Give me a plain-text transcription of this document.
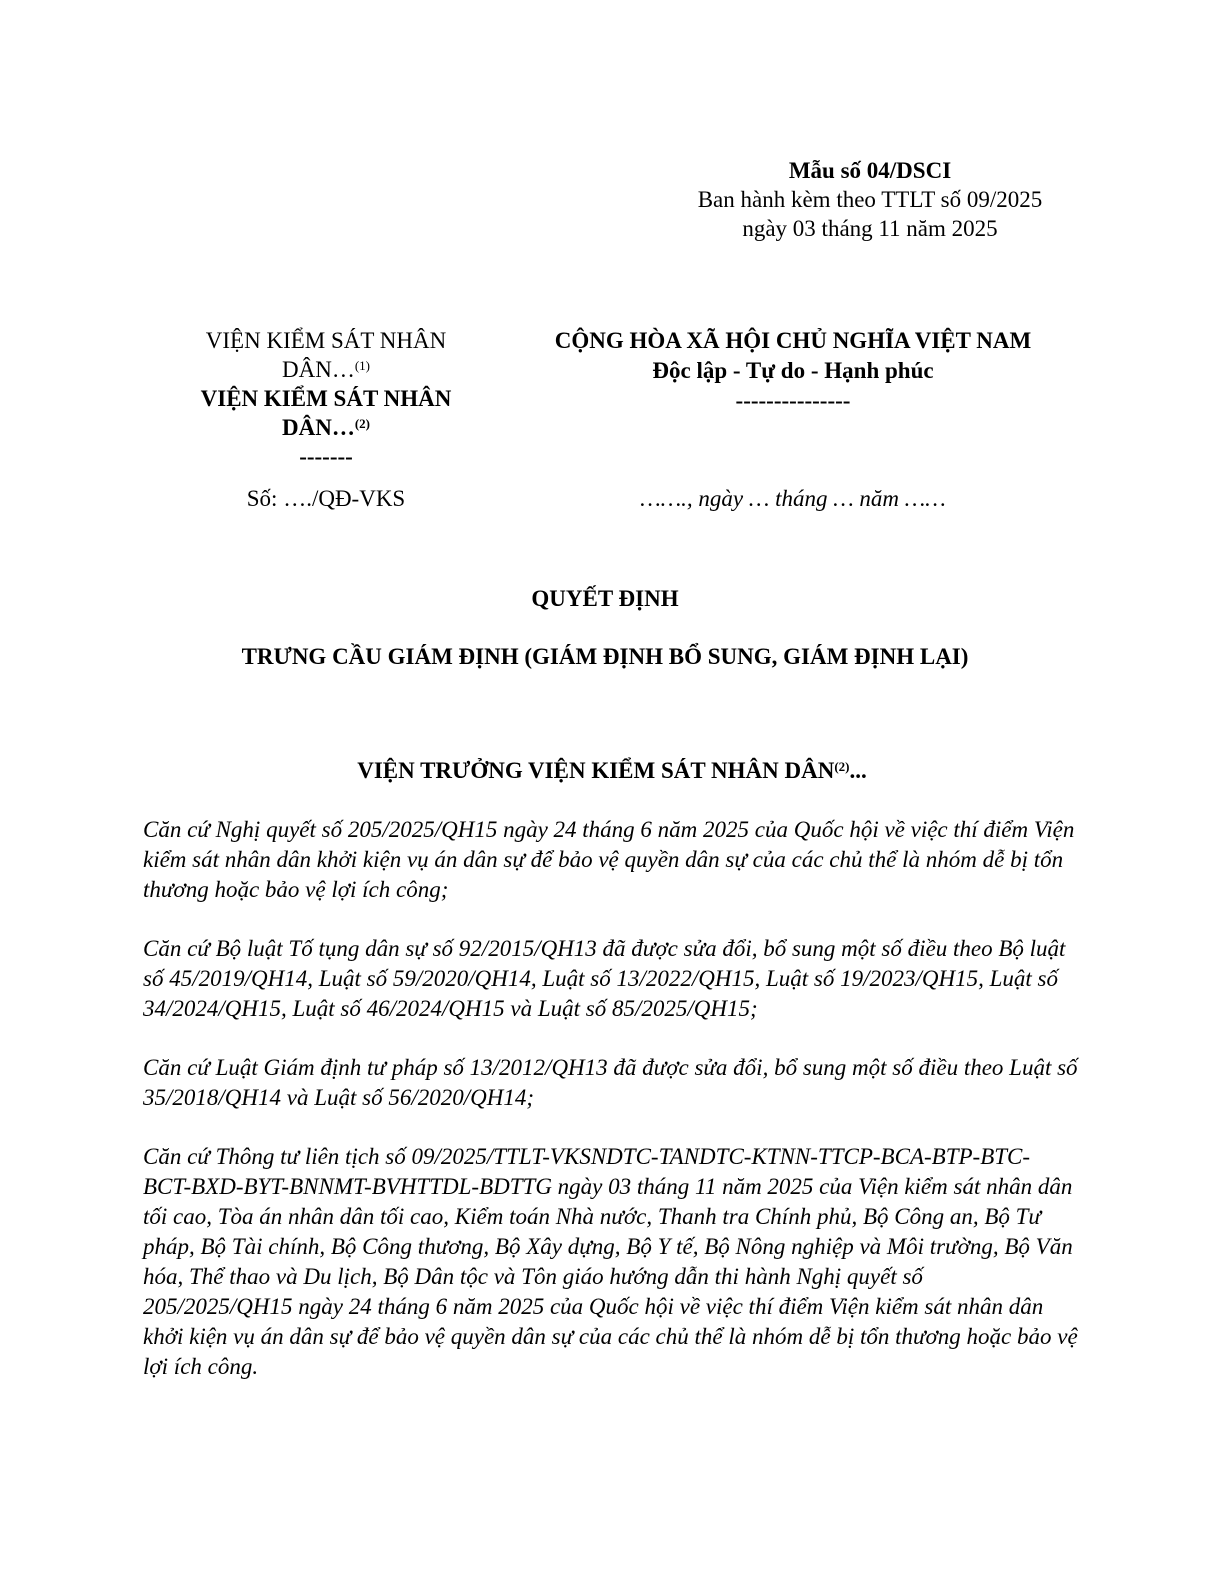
Mẫu số 04/DSCI
Ban hành kèm theo TTLT số 09/2025
ngày 03 tháng 11 năm 2025
VIỆN KIỂM SÁT NHÂN
DÂN…$^{(1)}$
VIỆN KIỂM SÁT NHÂN
DÂN…$^{(2)}$
-------
CỘNG HÒA XÃ HỘI CHỦ NGHĨA VIỆT NAM
Độc lập - Tự do - Hạnh phúc
---------------
Số: …./QĐ-VKS	……., ngày … tháng … năm ……
QUYẾT ĐỊNH
TRƯNG CẦU GIÁM ĐỊNH (GIÁM ĐỊNH BỔ SUNG, GIÁM ĐỊNH LẠI)
VIỆN TRƯỞNG VIỆN KIỂM SÁT NHÂN DÂN$^{(2)}$...

Căn cứ Nghị quyết số 205/2025/QH15 ngày 24 tháng 6 năm 2025 của Quốc hội về việc thí điểm Viện kiểm sát nhân dân khởi kiện vụ án dân sự để bảo vệ quyền dân sự của các chủ thể là nhóm dễ bị tổn thương hoặc bảo vệ lợi ích công;

Căn cứ Bộ luật Tố tụng dân sự số 92/2015/QH13 đã được sửa đổi, bổ sung một số điều theo Bộ luật số 45/2019/QH14, Luật số 59/2020/QH14, Luật số 13/2022/QH15, Luật số 19/2023/QH15, Luật số 34/2024/QH15, Luật số 46/2024/QH15 và Luật số 85/2025/QH15;

Căn cứ Luật Giám định tư pháp số 13/2012/QH13 đã được sửa đổi, bổ sung một số điều theo Luật số 35/2018/QH14 và Luật số 56/2020/QH14;

Căn cứ Thông tư liên tịch số 09/2025/TTLT-VKSNDTC-TANDTC-KTNN-TTCP-BCA-BTP-BTC-BCT-BXD-BYT-BNNMT-BVHTTDL-BDTTG ngày 03 tháng 11 năm 2025 của Viện kiểm sát nhân dân tối cao, Tòa án nhân dân tối cao, Kiểm toán Nhà nước, Thanh tra Chính phủ, Bộ Công an, Bộ Tư pháp, Bộ Tài chính, Bộ Công thương, Bộ Xây dựng, Bộ Y tế, Bộ Nông nghiệp và Môi trường, Bộ Văn hóa, Thể thao và Du lịch, Bộ Dân tộc và Tôn giáo hướng dẫn thi hành Nghị quyết số 205/2025/QH15 ngày 24 tháng 6 năm 2025 của Quốc hội về việc thí điểm Viện kiểm sát nhân dân khởi kiện vụ án dân sự để bảo vệ quyền dân sự của các chủ thể là nhóm dễ bị tổn thương hoặc bảo vệ lợi ích công.
